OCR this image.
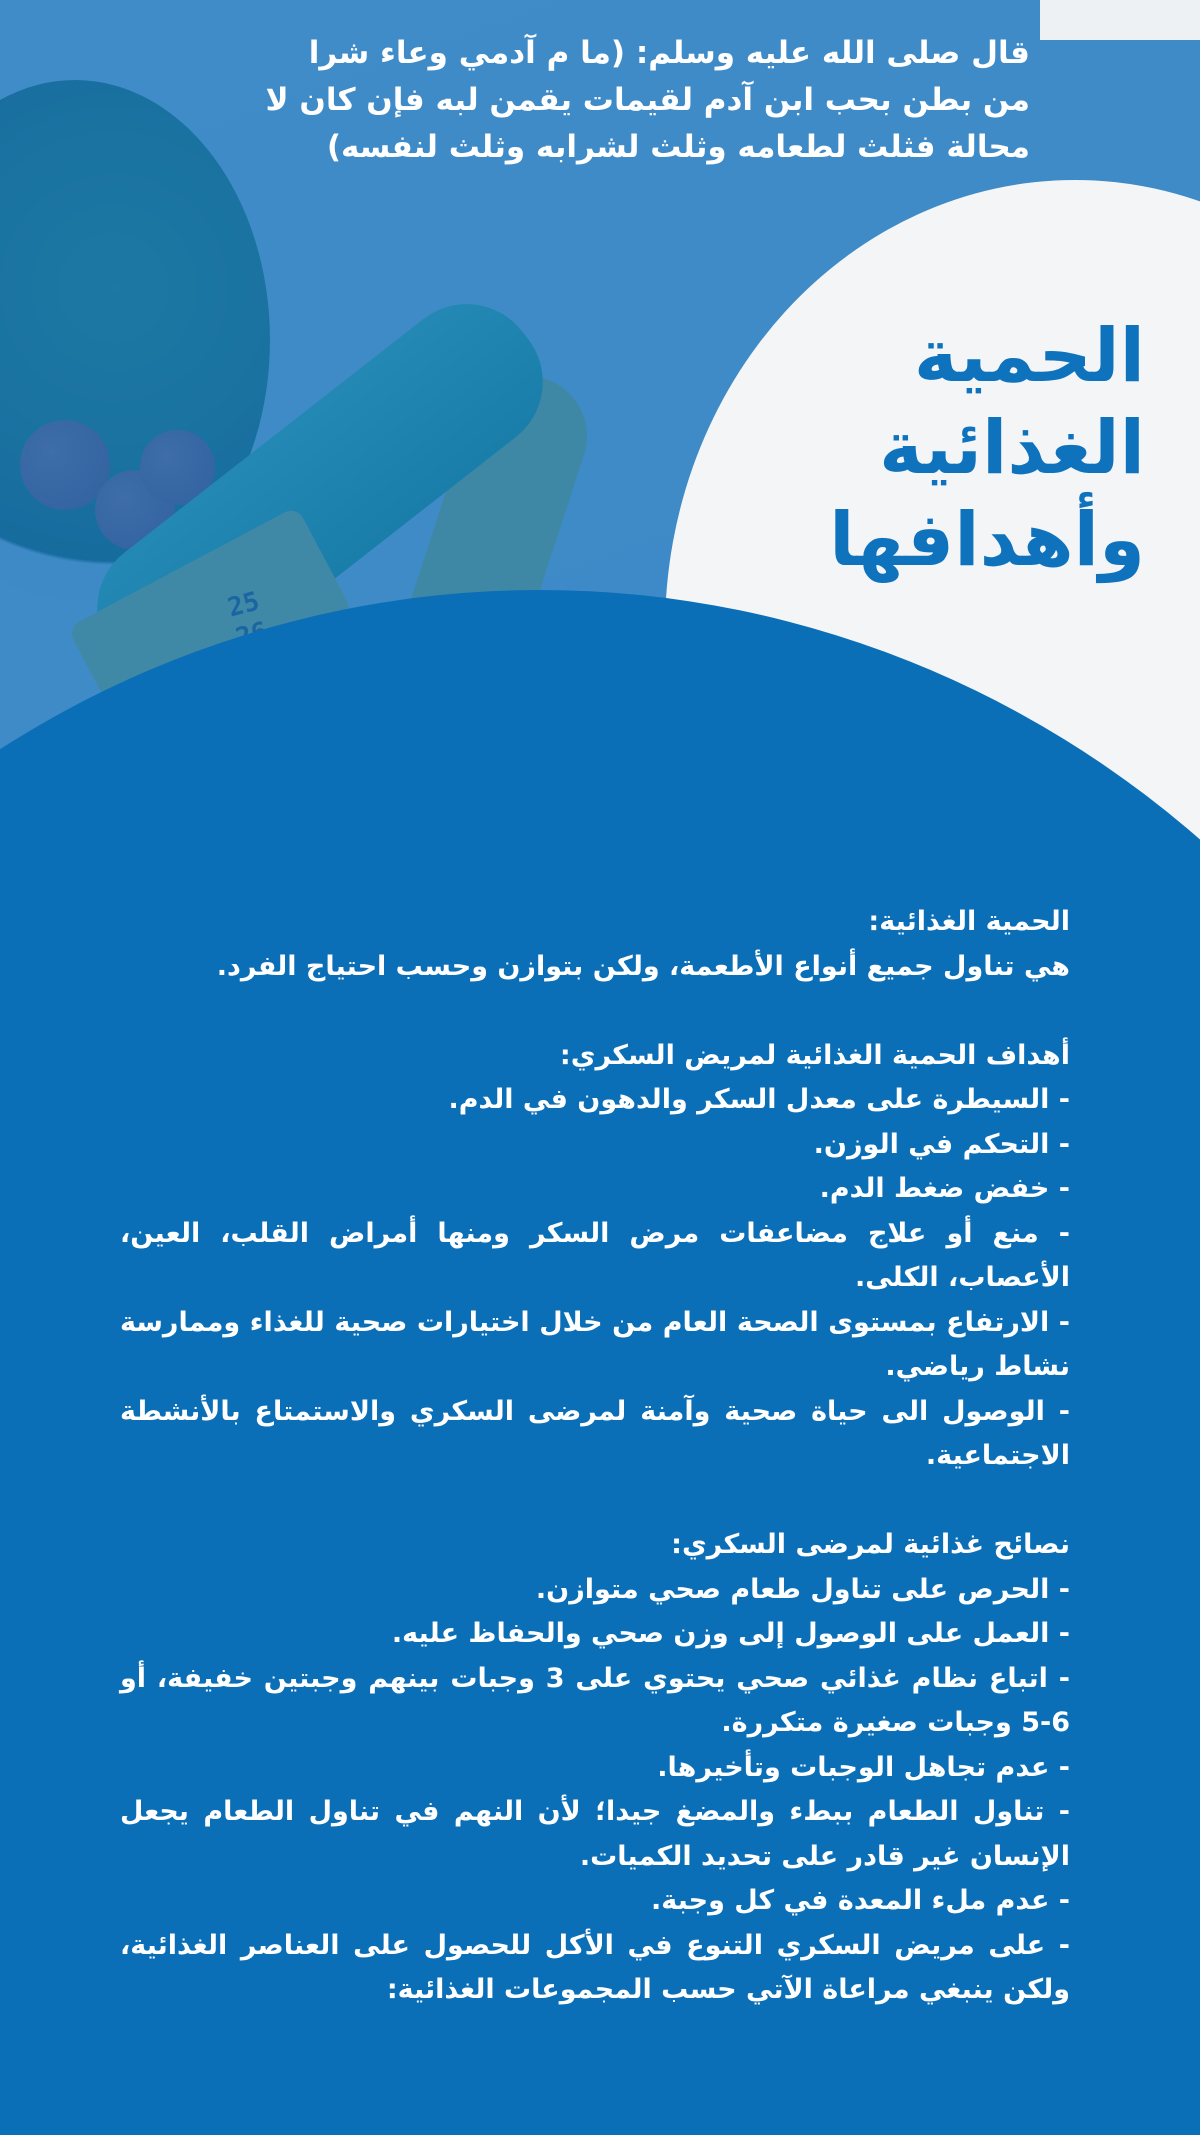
قال صلى الله عليه وسلم: (ما م آدمي وعاء شرا

من بطن بحب ابن آدم لقيمات يقمن لبه فإن كان لا

محالة فثلث لطعامه وثلث لشرابه وثلث لنفسه)

الحمية
الغذائية
وأهدافها

الحمية الغذائية:

هي تناول جميع أنواع الأطعمة، ولكن بتوازن وحسب احتياج الفرد.

أهداف الحمية الغذائية لمريض السكري:

- السيطرة على معدل السكر والدهون في الدم.

- التحكم في الوزن.

- خفض ضغط الدم.

- منع أو علاج مضاعفات مرض السكر ومنها أمراض القلب، العين، الأعصاب، الكلى.

- الارتفاع بمستوى الصحة العام من خلال اختيارات صحية للغذاء وممارسة نشاط رياضي.

- الوصول الى حياة صحية وآمنة لمرضى السكري والاستمتاع بالأنشطة الاجتماعية.

نصائح غذائية لمرضى السكري:

- الحرص على تناول طعام صحي متوازن.

- العمل على الوصول إلى وزن صحي والحفاظ عليه.

- اتباع نظام غذائي صحي يحتوي على 3 وجبات بينهم وجبتين خفيفة، أو 6-5 وجبات صغيرة متكررة.

- عدم تجاهل الوجبات وتأخيرها.

- تناول الطعام ببطء والمضغ جيدا؛ لأن النهم في تناول الطعام يجعل الإنسان غير قادر على تحديد الكميات.

- عدم ملء المعدة في كل وجبة.

- على مريض السكري التنوع في الأكل للحصول على العناصر الغذائية، ولكن ينبغي مراعاة الآتي حسب المجموعات الغذائية:
